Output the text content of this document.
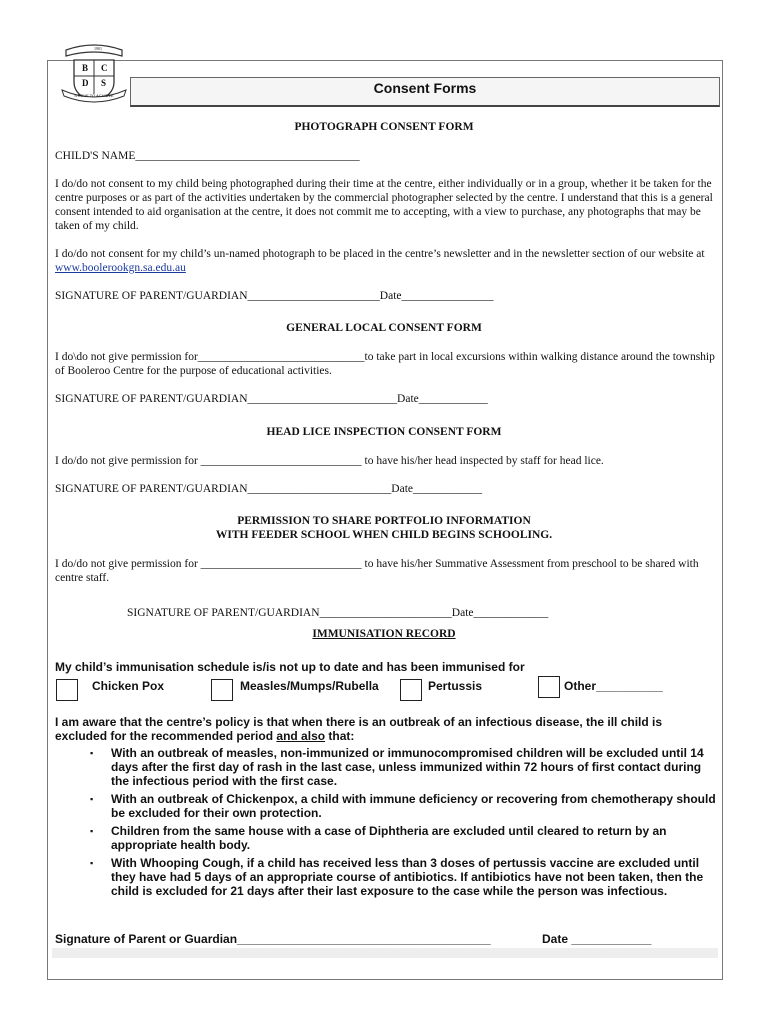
1901
B C
D S
STRIVE TO ACHIEVE	Consent Forms
PHOTOGRAPH CONSENT FORM
CHILD'S NAME_______________________________________
I do/do not consent to my child being photographed during their time at the centre, either individually or in a group, whether it be taken for the centre purposes or as part of the activities undertaken by the commercial photographer selected by the centre. I understand that this is a general consent intended to aid organisation at the centre, it does not commit me to accepting, with a view to purchase, any photographs that may be taken of my child.
I do/do not consent for my child’s un-named photograph to be placed in the centre’s newsletter and in the newsletter section of our website at www.boolerookgn.sa.edu.au
SIGNATURE OF PARENT/GUARDIAN_______________________Date________________
GENERAL LOCAL CONSENT FORM
I do\do not give permission for_____________________________to take part in local excursions within walking distance around the township of Booleroo Centre for the purpose of educational activities.
SIGNATURE OF PARENT/GUARDIAN__________________________Date____________
HEAD LICE INSPECTION CONSENT FORM
I do/do not give permission for ____________________________ to have his/her head inspected by staff for head lice.
SIGNATURE OF PARENT/GUARDIAN_________________________Date____________
PERMISSION TO SHARE PORTFOLIO INFORMATION
WITH FEEDER SCHOOL WHEN CHILD BEGINS SCHOOLING.
I do/do not give permission for ____________________________ to have his/her Summative Assessment from preschool to be shared with centre staff.
SIGNATURE OF PARENT/GUARDIAN_______________________Date_____________
IMMUNISATION RECORD
My child’s immunisation schedule is/is not up to date and has been immunised for
Chicken Pox	Measles/Mumps/Rubella	Pertussis	Other__________
I am aware that the centre’s policy is that when there is an outbreak of an infectious disease, the ill child is excluded for the recommended period and also that:
▪ With an outbreak of measles, non-immunized or immunocompromised children will be excluded until 14 days after the first day of rash in the last case, unless immunized within 72 hours of first contact during the infectious period with the first case.
▪ With an outbreak of Chickenpox, a child with immune deficiency or recovering from chemotherapy should be excluded for their own protection.
▪ Children from the same house with a case of Diphtheria are excluded until cleared to return by an appropriate health body.
▪ With Whooping Cough, if a child has received less than 3 doses of pertussis vaccine are excluded until they have had 5 days of an appropriate course of antibiotics. If antibiotics have not been taken, then the child is excluded for 21 days after their last exposure to the case while the person was infectious.
Signature of Parent or Guardian______________________________________	Date ____________
